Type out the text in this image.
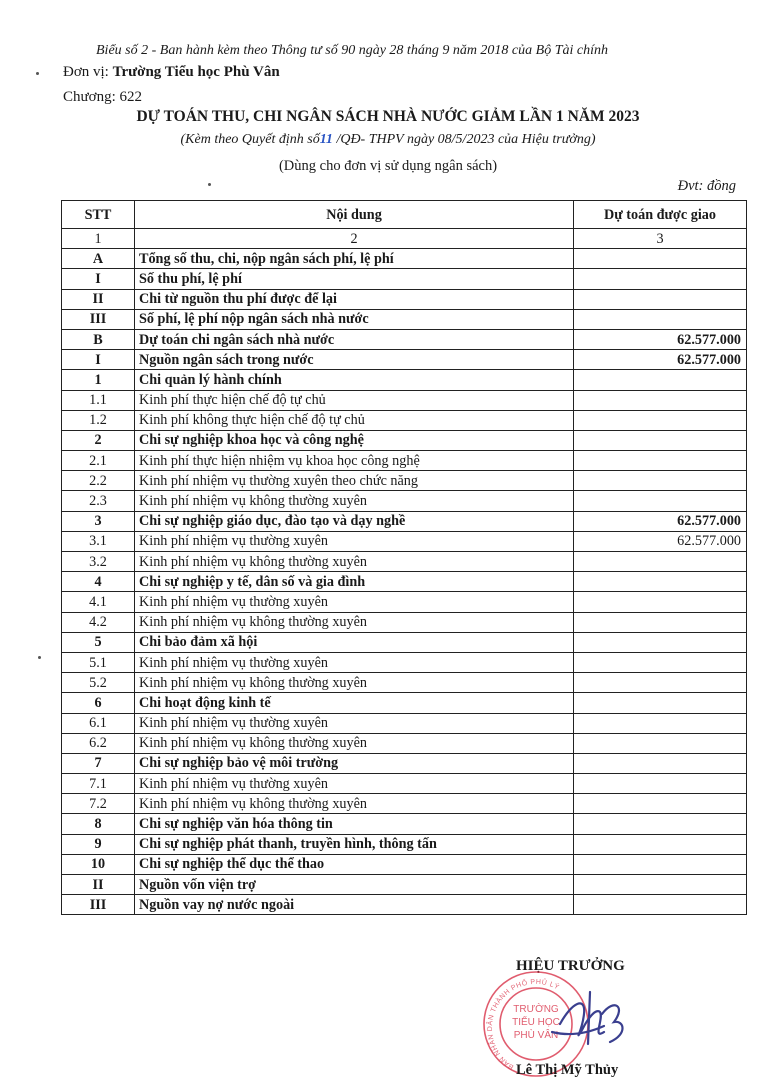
Biểu số 2 - Ban hành kèm theo Thông tư số 90 ngày 28 tháng 9 năm 2018 của Bộ Tài chính
Đơn vị: Trường Tiểu học Phù Vân
Chương: 622
DỰ TOÁN THU, CHI NGÂN SÁCH NHÀ NƯỚC GIẢM LẦN 1 NĂM 2023
(Kèm theo Quyết định số11 /QĐ- THPV ngày 08/5/2023 của Hiệu trưởng)
(Dùng cho đơn vị sử dụng ngân sách)
Đvt: đồng
STT	Nội dung	Dự toán được giao
1	2	3
A	Tổng số thu, chi, nộp ngân sách phí, lệ phí	
I	Số thu phí, lệ phí	
II	Chi từ nguồn thu phí được để lại	
III	Số phí, lệ phí nộp ngân sách nhà nước	
B	Dự toán chi ngân sách nhà nước	62.577.000
I	Nguồn ngân sách trong nước	62.577.000
1	Chi quản lý hành chính	
1.1	Kinh phí thực hiện chế độ tự chủ	
1.2	Kinh phí không thực hiện chế độ tự chủ	
2	Chi sự nghiệp khoa học và công nghệ	
2.1	Kinh phí thực hiện nhiệm vụ khoa học công nghệ	
2.2	Kinh phí nhiệm vụ thường xuyên theo chức năng	
2.3	Kinh phí nhiệm vụ không thường xuyên	
3	Chi sự nghiệp giáo dục, đào tạo và dạy nghề	62.577.000
3.1	Kinh phí nhiệm vụ thường xuyên	62.577.000
3.2	Kinh phí nhiệm vụ không thường xuyên	
4	Chi sự nghiệp y tế, dân số và gia đình	
4.1	Kinh phí nhiệm vụ thường xuyên	
4.2	Kinh phí nhiệm vụ không thường xuyên	
5	Chi bảo đảm xã hội	
5.1	Kinh phí nhiệm vụ thường xuyên	
5.2	Kinh phí nhiệm vụ không thường xuyên	
6	Chi hoạt động kinh tế	
6.1	Kinh phí nhiệm vụ thường xuyên	
6.2	Kinh phí nhiệm vụ không thường xuyên	
7	Chi sự nghiệp bảo vệ môi trường	
7.1	Kinh phí nhiệm vụ thường xuyên	
7.2	Kinh phí nhiệm vụ không thường xuyên	
8	Chi sự nghiệp văn hóa thông tin	
9	Chi sự nghiệp phát thanh, truyền hình, thông tấn	
10	Chi sự nghiệp thể dục thể thao	
II	Nguồn vốn viện trợ	
III	Nguồn vay nợ nước ngoài	
HIỆU TRƯỞNG
BAN NHÂN DÂN THÀNH PHỐ PHỦ LÝ
TRƯỜNG
TIỂU HỌC
PHÙ VÂN
Lê Thị Mỹ Thủy
